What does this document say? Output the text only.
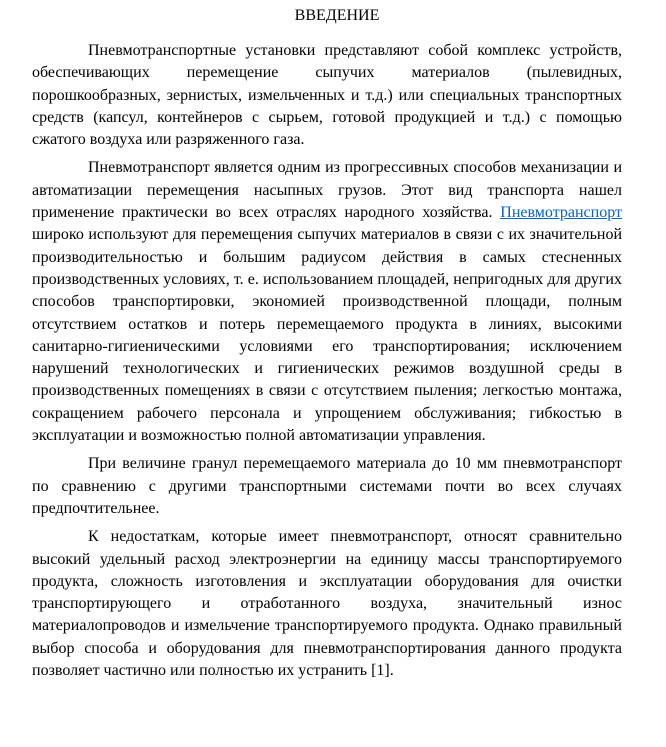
ВВЕДЕНИЕ

Пневмотранспортные установки представляют собой комплекс устройств, обеспечивающих перемещение сыпучих материалов (пылевидных, порошкообразных, зернистых, измельченных и т.д.) или специальных транспортных средств (капсул, контейнеров с сырьем, готовой продукцией и т.д.) с помощью сжатого воздуха или разряженного газа.

Пневмотранспорт является одним из прогрессивных способов механизации и автоматизации перемещения насыпных грузов. Этот вид транспорта нашел применение практически во всех отраслях народного хозяйства. Пневмотранспорт широко используют для перемещения сыпучих материалов в связи с их значительной производительностью и большим радиусом действия в самых стесненных производственных условиях, т. е. использованием площадей, непригодных для других способов транспортировки, экономией производственной площади, полным отсутствием остатков и потерь перемещаемого продукта в линиях, высокими санитарно-гигиеническими условиями его транспортирования; исключением нарушений технологических и гигиенических режимов воздушной среды в производственных помещениях в связи с отсутствием пыления; легкостью монтажа, сокращением рабочего персонала и упрощением обслуживания; гибкостью в эксплуатации и возможностью полной автоматизации управления.

При величине гранул перемещаемого материала до 10 мм пневмотранспорт по сравнению с другими транспортными системами почти во всех случаях предпочтительнее.

К недостаткам, которые имеет пневмотранспорт, относят сравнительно высокий удельный расход электроэнергии на единицу массы транспортируемого продукта, сложность изготовления и эксплуатации оборудования для очистки транспортирующего и отработанного воздуха, значительный износ материалопроводов и измельчение транспортируемого продукта. Однако правильный выбор способа и оборудования для пневмотранспортирования данного продукта позволяет частично или полностью их устранить [1].
